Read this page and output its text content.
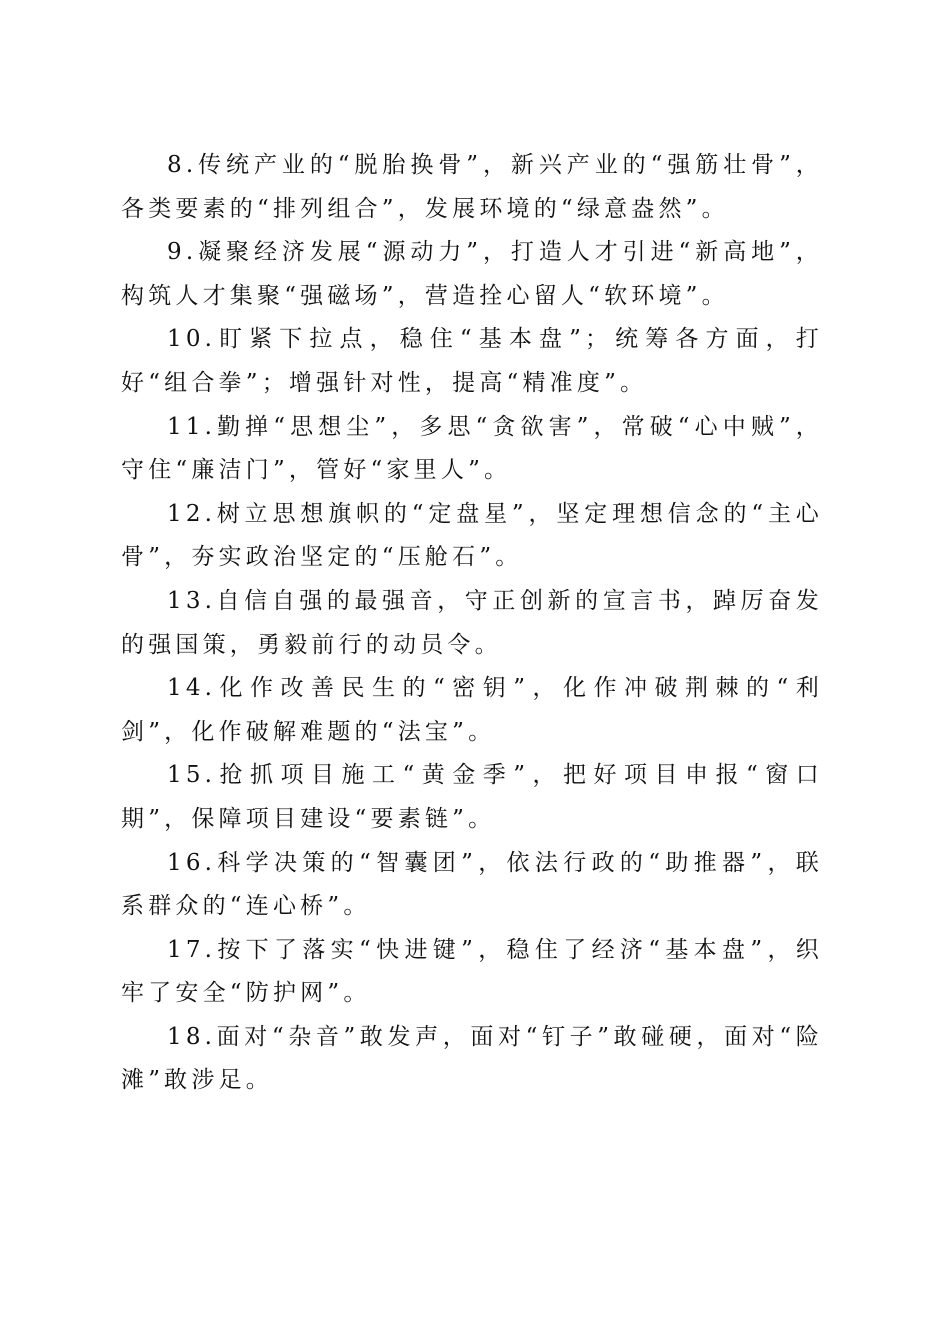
8.传统产业的“脱胎换骨”，新兴产业的“强筋壮骨”，各类要素的“排列组合”，发展环境的“绿意盎然”。

9.凝聚经济发展“源动力”，打造人才引进“新高地”，构筑人才集聚“强磁场”，营造拴心留人“软环境”。

10.盯紧下拉点，稳住“基本盘”；统筹各方面，打好“组合拳”；增强针对性，提高“精准度”。

11.勤掸“思想尘”，多思“贪欲害”，常破“心中贼”，守住“廉洁门”，管好“家里人”。

12.树立思想旗帜的“定盘星”，坚定理想信念的“主心骨”，夯实政治坚定的“压舱石”。

13.自信自强的最强音，守正创新的宣言书，踔厉奋发的强国策，勇毅前行的动员令。

14.化作改善民生的“密钥”，化作冲破荆棘的“利剑”，化作破解难题的“法宝”。

15.抢抓项目施工“黄金季”，把好项目申报“窗口期”，保障项目建设“要素链”。

16.科学决策的“智囊团”，依法行政的“助推器”，联系群众的“连心桥”。

17.按下了落实“快进键”，稳住了经济“基本盘”，织牢了安全“防护网”。

18.面对“杂音”敢发声，面对“钉子”敢碰硬，面对“险滩”敢涉足。
